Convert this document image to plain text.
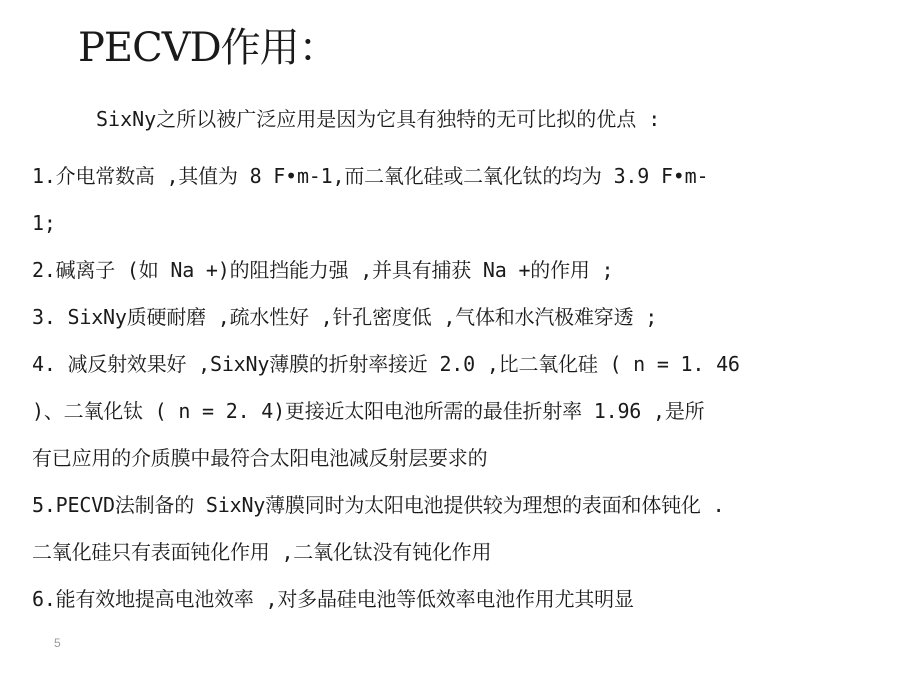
PECVD作用：
SixNy之所以被广泛应用是因为它具有独特的无可比拟的优点 :
1.介电常数高 ,其值为 8 F•m-1,而二氧化硅或二氧化钛的均为 3.9 F•m-
1;
2.碱离子 (如 Na +)的阻挡能力强 ,并具有捕获 Na +的作用 ;
3. SixNy质硬耐磨 ,疏水性好 ,针孔密度低 ,气体和水汽极难穿透 ;
4. 减反射效果好 ,SixNy薄膜的折射率接近 2.0 ,比二氧化硅 ( n = 1. 46
)、二氧化钛 ( n = 2. 4)更接近太阳电池所需的最佳折射率 1.96 ,是所
有已应用的介质膜中最符合太阳电池减反射层要求的
5.PECVD法制备的 SixNy薄膜同时为太阳电池提供较为理想的表面和体钝化 .
二氧化硅只有表面钝化作用 ,二氧化钛没有钝化作用
6.能有效地提高电池效率 ,对多晶硅电池等低效率电池作用尤其明显
5
